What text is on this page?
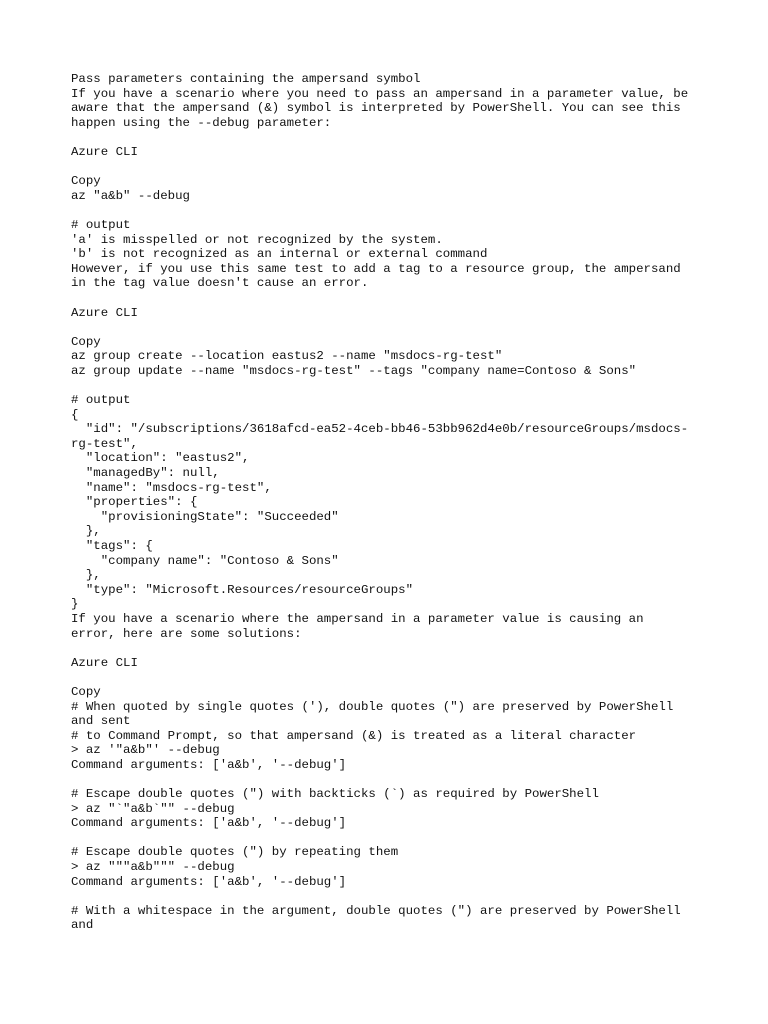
Pass parameters containing the ampersand symbol
If you have a scenario where you need to pass an ampersand in a parameter value, be
aware that the ampersand (&) symbol is interpreted by PowerShell. You can see this
happen using the --debug parameter:
Azure CLI
Copy
az "a&b" --debug
# output
'a' is misspelled or not recognized by the system.
'b' is not recognized as an internal or external command
However, if you use this same test to add a tag to a resource group, the ampersand
in the tag value doesn't cause an error.
Azure CLI
Copy
az group create --location eastus2 --name "msdocs-rg-test"
az group update --name "msdocs-rg-test" --tags "company name=Contoso & Sons"
# output
{
"id": "/subscriptions/3618afcd-ea52-4ceb-bb46-53bb962d4e0b/resourceGroups/msdocs-
rg-test",
"location": "eastus2",
"managedBy": null,
"name": "msdocs-rg-test",
"properties": {
"provisioningState": "Succeeded"
},
"tags": {
"company name": "Contoso & Sons"
},
"type": "Microsoft.Resources/resourceGroups"
}
If you have a scenario where the ampersand in a parameter value is causing an
error, here are some solutions:
Azure CLI
Copy
# When quoted by single quotes ('), double quotes (") are preserved by PowerShell
and sent
# to Command Prompt, so that ampersand (&) is treated as a literal character
> az '"a&b"' --debug
Command arguments: ['a&b', '--debug']
# Escape double quotes (") with backticks (`) as required by PowerShell
> az "`"a&b`"" --debug
Command arguments: ['a&b', '--debug']
# Escape double quotes (") by repeating them
> az """a&b""" --debug
Command arguments: ['a&b', '--debug']
# With a whitespace in the argument, double quotes (") are preserved by PowerShell
and
